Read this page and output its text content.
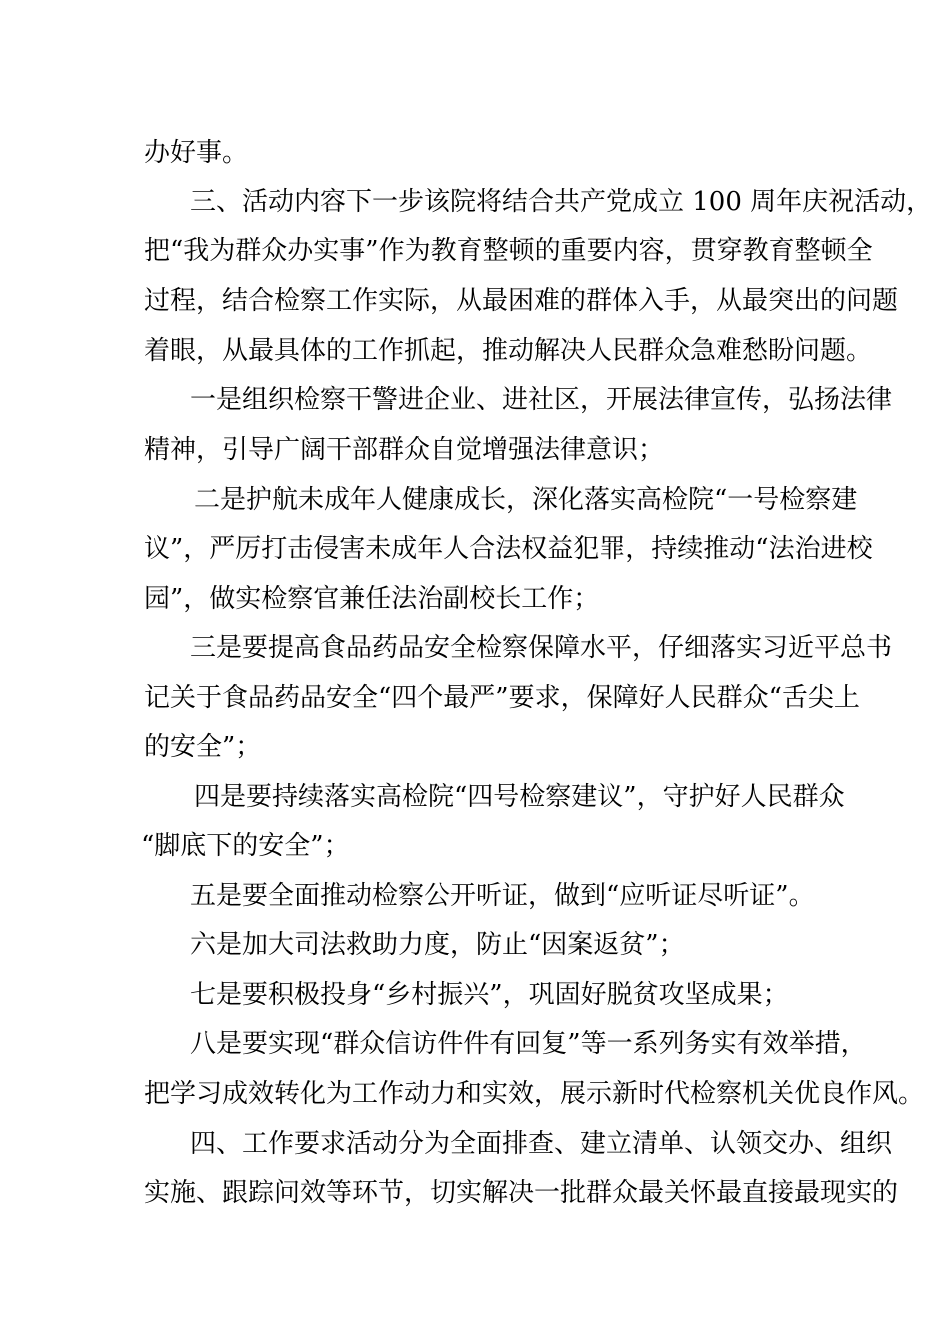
办好事。
三、活动内容下一步该院将结合共产党成立 100 周年庆祝活动，
把“我为群众办实事”作为教育整顿的重要内容，贯穿教育整顿全
过程，结合检察工作实际，从最困难的群体入手，从最突出的问题
着眼，从最具体的工作抓起，推动解决人民群众急难愁盼问题。
一是组织检察干警进企业、进社区，开展法律宣传，弘扬法律
精神，引导广阔干部群众自觉增强法律意识；
二是护航未成年人健康成长，深化落实高检院“一号检察建
议”，严厉打击侵害未成年人合法权益犯罪，持续推动“法治进校
园”，做实检察官兼任法治副校长工作；
三是要提高食品药品安全检察保障水平，仔细落实习近平总书
记关于食品药品安全“四个最严”要求，保障好人民群众“舌尖上
的安全”；
四是要持续落实高检院“四号检察建议”，守护好人民群众
“脚底下的安全”；
五是要全面推动检察公开听证，做到“应听证尽听证”。
六是加大司法救助力度，防止“因案返贫”；
七是要积极投身“乡村振兴”，巩固好脱贫攻坚成果；
八是要实现“群众信访件件有回复”等一系列务实有效举措，
把学习成效转化为工作动力和实效，展示新时代检察机关优良作风。
四、工作要求活动分为全面排查、建立清单、认领交办、组织
实施、跟踪问效等环节，切实解决一批群众最关怀最直接最现实的
